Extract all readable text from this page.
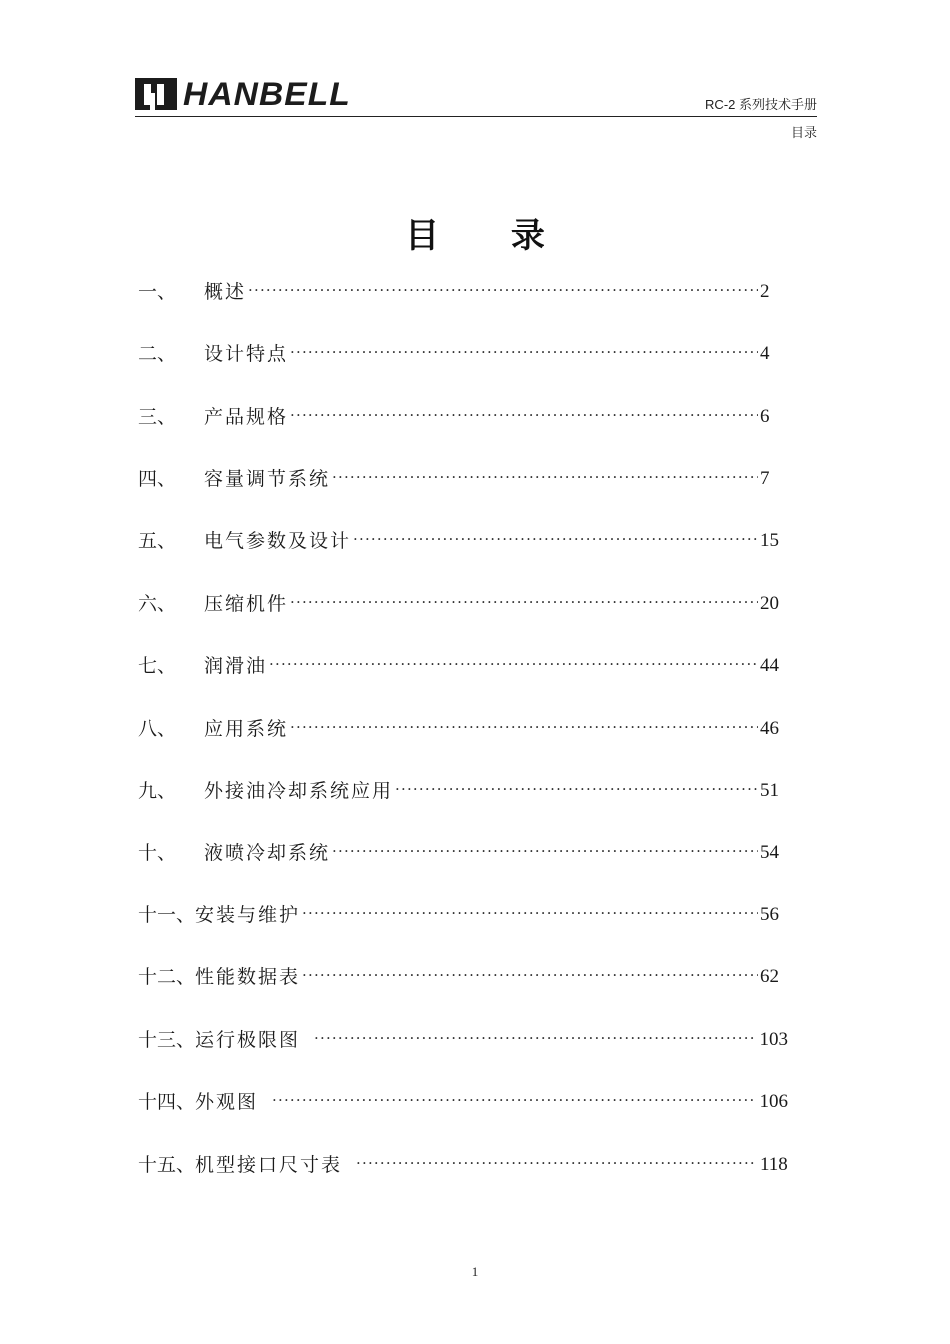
HANBELL	RC-2 系列技术手册
目录
目 录
一、	概述 ·····	2
二、	设计特点 ·····	4
三、	产品规格 ·····	6
四、	容量调节系统 ·····	7
五、	电气参数及设计 ·····	15
六、	压缩机件 ·····	20
七、	润滑油 ·····	44
八、	应用系统 ·····	46
九、	外接油冷却系统应用 ·····	51
十、	液喷冷却系统 ·····	54
十一、 安装与维护 ·····	56
十二、 性能数据表 ·····	62
十三、 运行极限图 ·····	103
十四、 外观图 ·····	106
十五、 机型接口尺寸表 ·····	118
1
